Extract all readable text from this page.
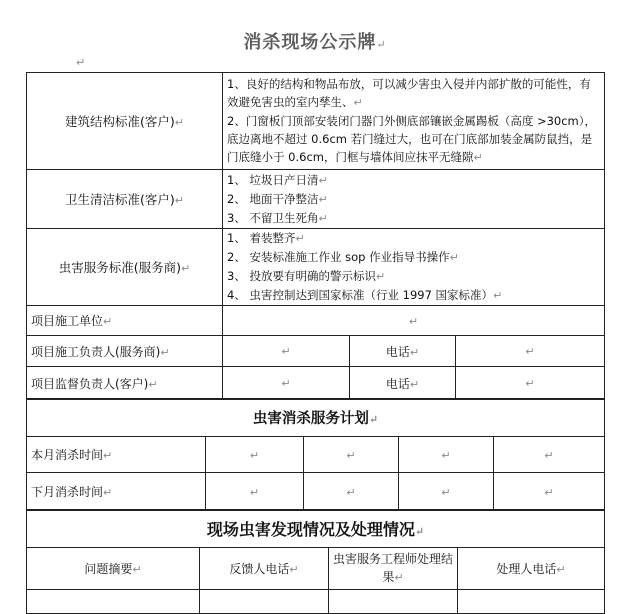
消杀现场公示牌↵
↵
建筑结构标准(客户)↵	1、良好的结构和物品布放，可以减少害虫入侵并内部扩散的可能性，有效避免害虫的室内孳生、↵
2、门窗板门顶部安装闭门器门外侧底部镶嵌金属踢板（高度 >30cm），底边离地不超过 0.6cm 若门缝过大，也可在门底部加装金属防鼠挡，是门底缝小于 0.6cm，门框与墙体间应抹平无缝隙↵		

卫生清洁标准(客户)↵	1、 垃圾日产日清↵
2、 地面干净整洁↵
3、 不留卫生死角↵		

虫害服务标准(服务商)↵	1、 着装整齐↵
2、 安装标准施工作业 sop 作业指导书操作↵
3、 投放要有明确的警示标识↵
4、 虫害控制达到国家标准（行业 1997 国家标准）↵		

项目施工单位↵	↵		
项目施工负责人(服务商)↵	↵	电话↵	↵
项目监督负责人(客户)↵	↵	电话↵	↵
虫害消杀服务计划↵				
本月消杀时间↵	↵	↵	↵	↵
下月消杀时间↵	↵	↵	↵	↵
现场虫害发现情况及处理情况↵			
问题摘要↵	反馈人电话↵	虫害服务工程师处理结果↵	处理人电话↵
